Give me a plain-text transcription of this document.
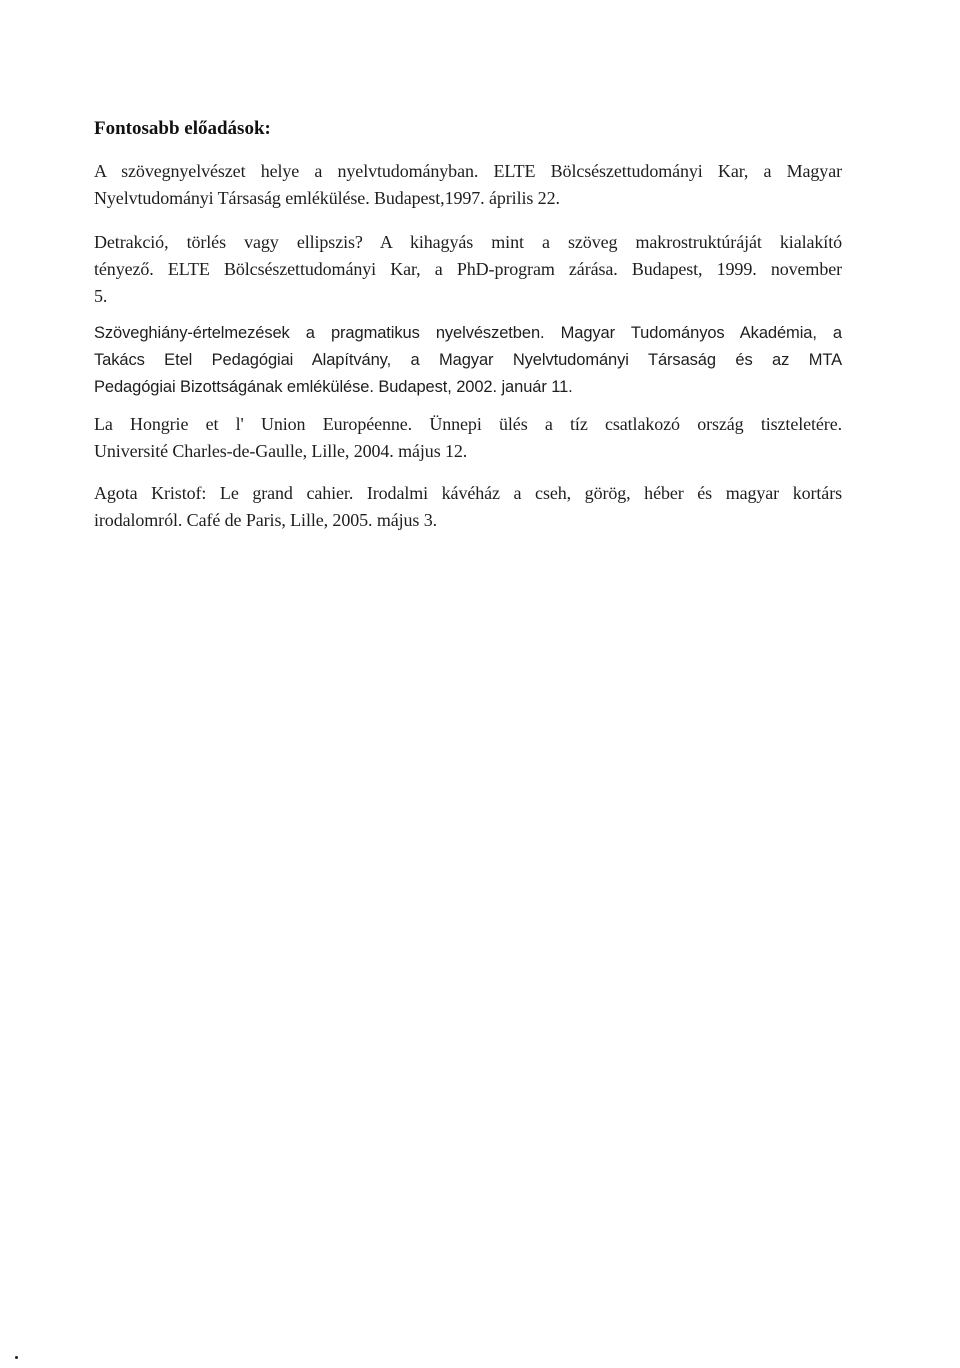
Fontosabb előadások:
A szövegnyelvészet helye a nyelvtudományban. ELTE Bölcsészettudományi Kar, a Magyar
Nyelvtudományi Társaság emlékülése. Budapest,1997. április 22.
Detrakció, törlés vagy ellipszis? A kihagyás mint a szöveg makrostruktúráját kialakító
tényező. ELTE Bölcsészettudományi Kar, a PhD-program zárása. Budapest, 1999. november
5.
Szöveghiány-értelmezések a pragmatikus nyelvészetben. Magyar Tudományos Akadémia, a
Takács Etel Pedagógiai Alapítvány, a Magyar Nyelvtudományi Társaság és az MTA
Pedagógiai Bizottságának emlékülése. Budapest, 2002. január 11.
La Hongrie et l' Union Européenne. Ünnepi ülés a tíz csatlakozó ország tiszteletére.
Université Charles-de-Gaulle, Lille, 2004. május 12.
Agota Kristof: Le grand cahier. Irodalmi kávéház a cseh, görög, héber és magyar kortárs
irodalomról. Café de Paris, Lille, 2005. május 3.
